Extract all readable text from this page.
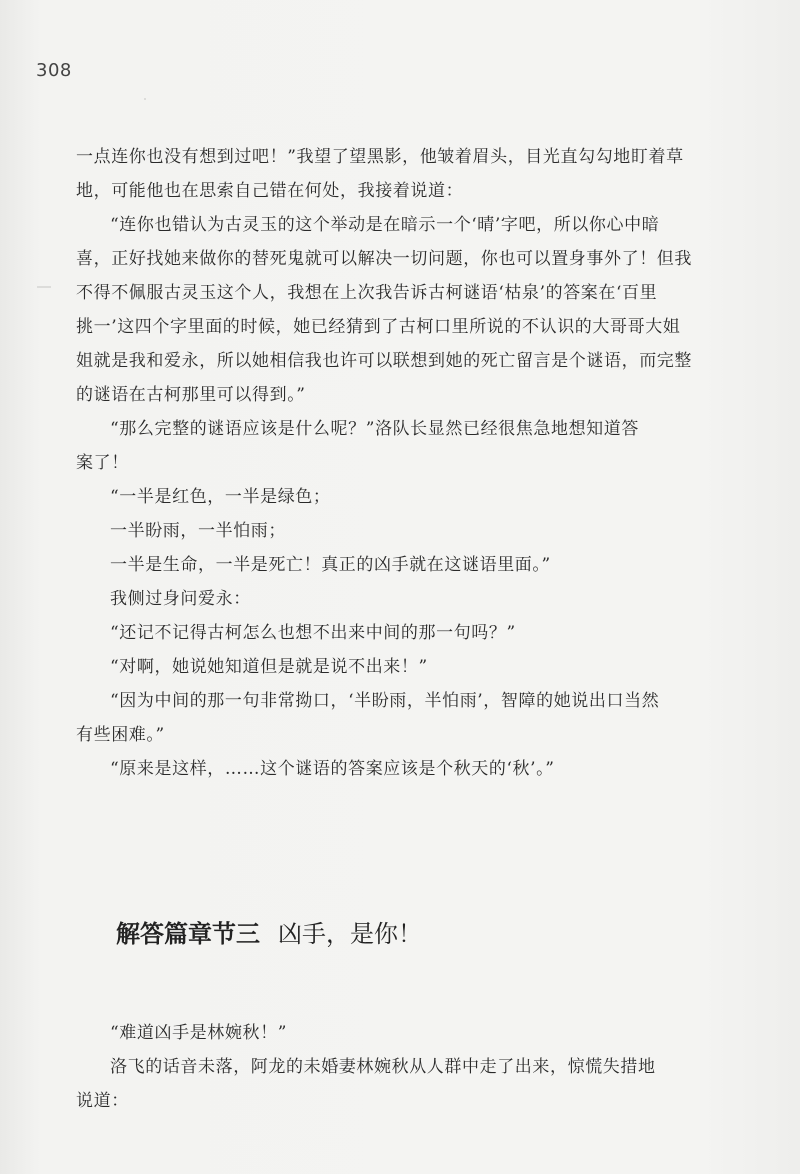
308
一点连你也没有想到过吧！”我望了望黑影，他皱着眉头，目光直勾勾地盯着草
地，可能他也在思索自己错在何处，我接着说道：
“连你也错认为古灵玉的这个举动是在暗示一个‘晴’字吧，所以你心中暗
喜，正好找她来做你的替死鬼就可以解决一切问题，你也可以置身事外了！但我
不得不佩服古灵玉这个人，我想在上次我告诉古柯谜语‘枯泉’的答案在‘百里
挑一’这四个字里面的时候，她已经猜到了古柯口里所说的不认识的大哥哥大姐
姐就是我和爱永，所以她相信我也许可以联想到她的死亡留言是个谜语，而完整
的谜语在古柯那里可以得到。”
“那么完整的谜语应该是什么呢？”洛队长显然已经很焦急地想知道答
案了！
“一半是红色，一半是绿色；
一半盼雨，一半怕雨；
一半是生命，一半是死亡！真正的凶手就在这谜语里面。”
我侧过身问爱永：
“还记不记得古柯怎么也想不出来中间的那一句吗？”
“对啊，她说她知道但是就是说不出来！”
“因为中间的那一句非常拗口，‘半盼雨，半怕雨’，智障的她说出口当然
有些困难。”
“原来是这样，……这个谜语的答案应该是个秋天的‘秋’。”
解答篇章节三 凶手，是你！
“难道凶手是林婉秋！”
洛飞的话音未落，阿龙的未婚妻林婉秋从人群中走了出来，惊慌失措地
说道：
